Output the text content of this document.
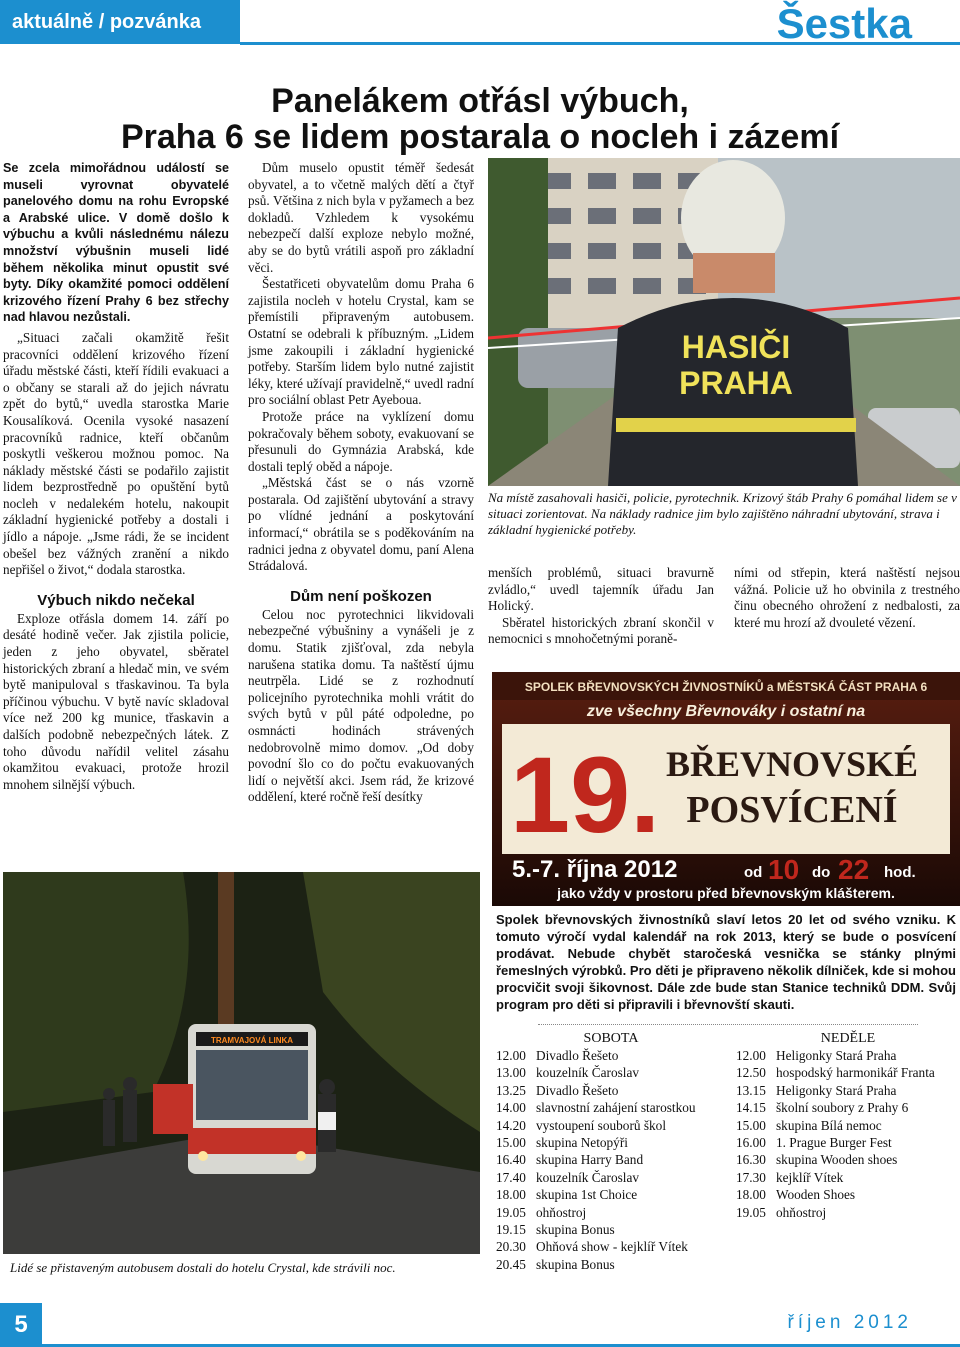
aktuálně / pozvánka	Šestka
Panelákem otřásl výbuch,
Praha 6 se lidem postarala o nocleh i zázemí
Se zcela mimořádnou událostí se museli vyrovnat obyvatelé panelového domu na rohu Evropské a Arabské ulice. V domě došlo k výbuchu a kvůli následnému nálezu množství výbušnin museli lidé během několika minut opustit své byty. Díky okamžité pomoci oddělení krizového řízení Prahy 6 bez střechy nad hlavou nezůstali.

„Situaci začali okamžitě řešit pracovníci oddělení krizového řízení úřadu městské části, kteří řídili evakuaci a o občany se starali až do jejich návratu zpět do bytů,“ uvedla starostka Marie Kousalíková. Ocenila vysoké nasazení pracovníků radnice, kteří občanům poskytli veškerou možnou pomoc. Na náklady městské části se podařilo zajistit lidem bezprostředně po opuštění bytů nocleh v nedalekém hotelu, nakoupit základní hygienické potřeby a dostali i jídlo a nápoje. „Jsme rádi, že se incident obešel bez vážných zranění a nikdo nepřišel o život,“ dodala starostka.

Výbuch nikdo nečekal

Exploze otřásla domem 14. září po desáté hodině večer. Jak zjistila policie, jeden z jeho obyvatel, sběratel historických zbraní a hledač min, ve svém bytě manipuloval s třaskavinou. Ta byla příčinou výbuchu. V bytě navíc skladoval více než 200 kg munice, třaskavin a dalších podobně nebezpečných látek. Z toho důvodu nařídil velitel zásahu okamžitou evakuaci, protože hrozil mnohem silnější výbuch.

Dům muselo opustit téměř šedesát obyvatel, a to včetně malých dětí a čtyř psů. Většina z nich byla v pyžamech a bez dokladů. Vzhledem k vysokému nebezpečí další exploze nebylo možné, aby se do bytů vrátili aspoň pro základní věci.

Šestatřiceti obyvatelům domu Praha 6 zajistila nocleh v hotelu Crystal, kam se přemístili připraveným autobusem. Ostatní se odebrali k příbuzným. „Lidem jsme zakoupili i základní hygienické potřeby. Starším lidem bylo nutné zajistit léky, které užívají pravidelně,“ uvedl radní pro sociální oblast Petr Ayeboua.

Protože práce na vyklízení domu pokračovaly během soboty, evakuovaní se přesunuli do Gymnázia Arabská, kde dostali teplý oběd a nápoje.

„Městská část se o nás vzorně postarala. Od zajištění ubytování a stravy po vlídné jednání a poskytování informací,“ obrátila se s poděkováním na radnici jedna z obyvatel domu, paní Alena Strádalová.

Dům není poškozen

Celou noc pyrotechnici likvidovali nebezpečné výbušniny a vynášeli je z domu. Statik zjišťoval, zda nebyla narušena statika domu. Ta naštěstí újmu neutrpěla. Lidé se z rozhodnutí policejního pyrotechnika mohli vrátit do svých bytů v půl páté odpoledne, po osmnácti hodinách strávených nedobrovolně mimo domov. „Od doby povodní šlo co do počtu evakuovaných lidí o největší akci. Jsem rád, že krizové oddělení, které ročně řeší desítky

HASIČI
PRAHA
Na místě zasahovali hasiči, policie, pyrotechnik. Krizový štáb Prahy 6 pomáhal lidem se v situaci zorientovat. Na náklady radnice jim bylo zajištěno náhradní ubytování, strava i základní hygienické potřeby.

menších problémů, situaci bravurně zvládlo,“ uvedl tajemník úřadu Jan Holický.

Sběratel historických zbraní skončil v nemocnici s mnohočetnými poraně-

ními od střepin, která naštěstí nejsou vážná. Policie už ho obvinila z trestného činu obecného ohrožení z nedbalosti, za které mu hrozí až dvouleté vězení.

SPOLEK BŘEVNOVSKÝCH ŽIVNOSTNÍKŮ a MĚSTSKÁ ČÁST PRAHA 6
zve všechny Břevnováky i ostatní na
19. BŘEVNOVSKÉ
POSVÍCENÍ
5.-7. října 2012	od 10 do 22 hod.
jako vždy v prostoru před břevnovským klášterem.
Spolek břevnovských živnostníků slaví letos 20 let od svého vzniku. K tomuto výročí vydal kalendář na rok 2013, který se bude o posvícení prodávat. Nebude chybět staročeská vesnička se stánky plnými řemeslných výrobků. Pro děti je připraveno několik dílniček, kde si mohou procvičit svoji šikovnost. Dále zde bude stan Stanice techniků DDM. Svůj program pro děti si připravili i břevnovští skauti.
SOBOTA
12.00 Divadlo Řešeto
13.00 kouzelník Čaroslav
13.25 Divadlo Řešeto
14.00 slavnostní zahájení starostkou
14.20 vystoupení souborů škol
15.00 skupina Netopýři
16.40 skupina Harry Band
17.40 kouzelník Čaroslav
18.00 skupina 1st Choice
19.05 ohňostroj
19.15 skupina Bonus
20.30 Ohňová show - kejklíř Vítek
20.45 skupina Bonus
NEDĚLE
12.00 Heligonky Stará Praha
12.50 hospodský harmonikář Franta
13.15 Heligonky Stará Praha
14.15 školní soubory z Prahy 6
15.00 skupina Bílá nemoc
16.00 1. Prague Burger Fest
16.30 skupina Wooden shoes
17.30 kejklíř Vítek
18.00 Wooden Shoes
19.05 ohňostroj
TRAMVAJOVÁ LINKA
Lidé se přistaveným autobusem dostali do hotelu Crystal, kde strávili noc.
5	říjen 2012
